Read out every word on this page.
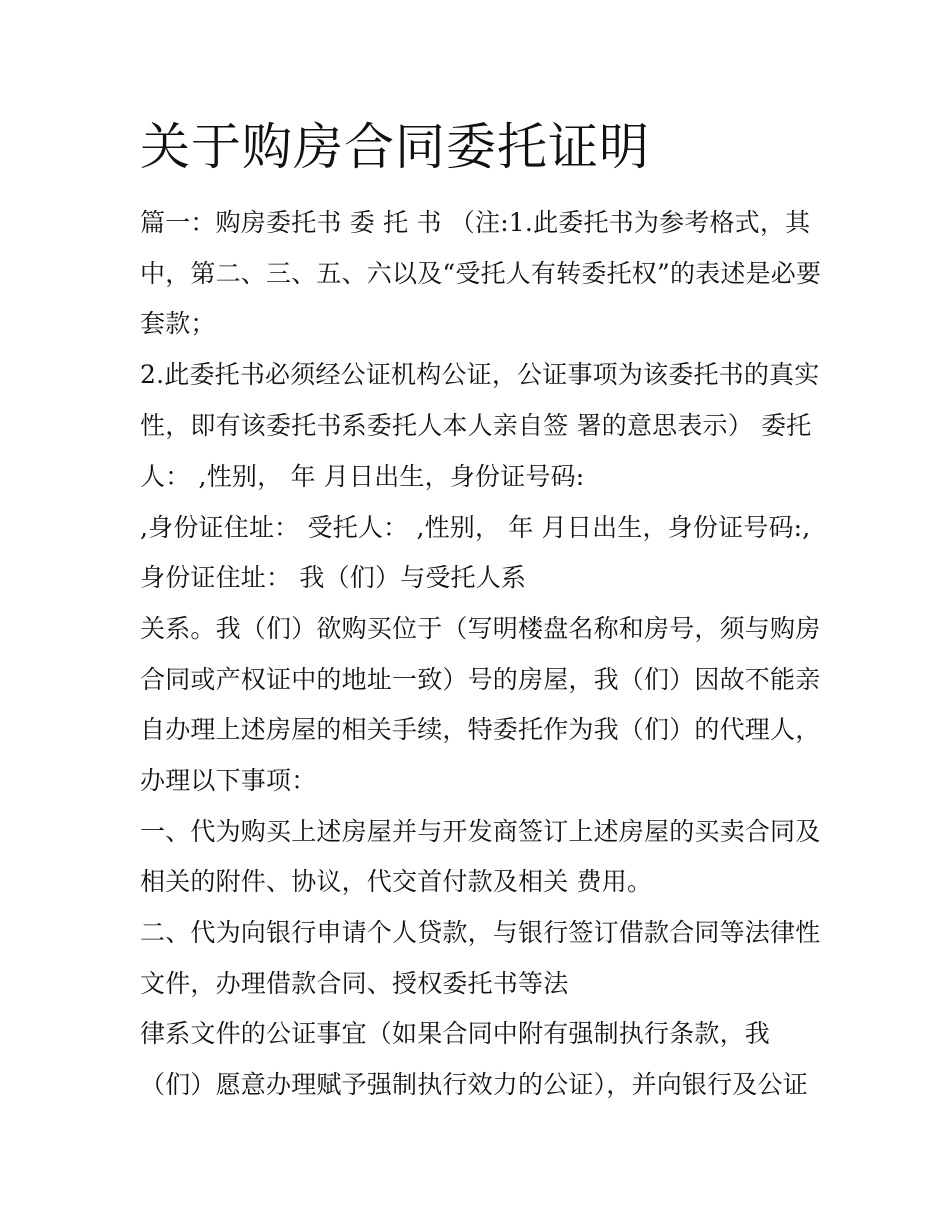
关于购房合同委托证明

篇一：购房委托书 委 托 书 （注:1.此委托书为参考格式，其

中，第二、三、五、六以及“受托人有转委托权”的表述是必要

套款；

2.此委托书必须经公证机构公证，公证事项为该委托书的真实

性，即有该委托书系委托人本人亲自签 署的意思表示） 委托

人： ,性别， 年 月日出生，身份证号码:

,身份证住址： 受托人： ,性别， 年 月日出生，身份证号码:,

身份证住址： 我（们）与受托人系

关系。我（们）欲购买位于（写明楼盘名称和房号，须与购房

合同或产权证中的地址一致）号的房屋，我（们）因故不能亲

自办理上述房屋的相关手续，特委托作为我（们）的代理人，

办理以下事项：

一、代为购买上述房屋并与开发商签订上述房屋的买卖合同及

相关的附件、协议，代交首付款及相关 费用。

二、代为向银行申请个人贷款，与银行签订借款合同等法律性

文件，办理借款合同、授权委托书等法

律系文件的公证事宜（如果合同中附有强制执行条款，我

（们）愿意办理赋予强制执行效力的公证），并向银行及公证
